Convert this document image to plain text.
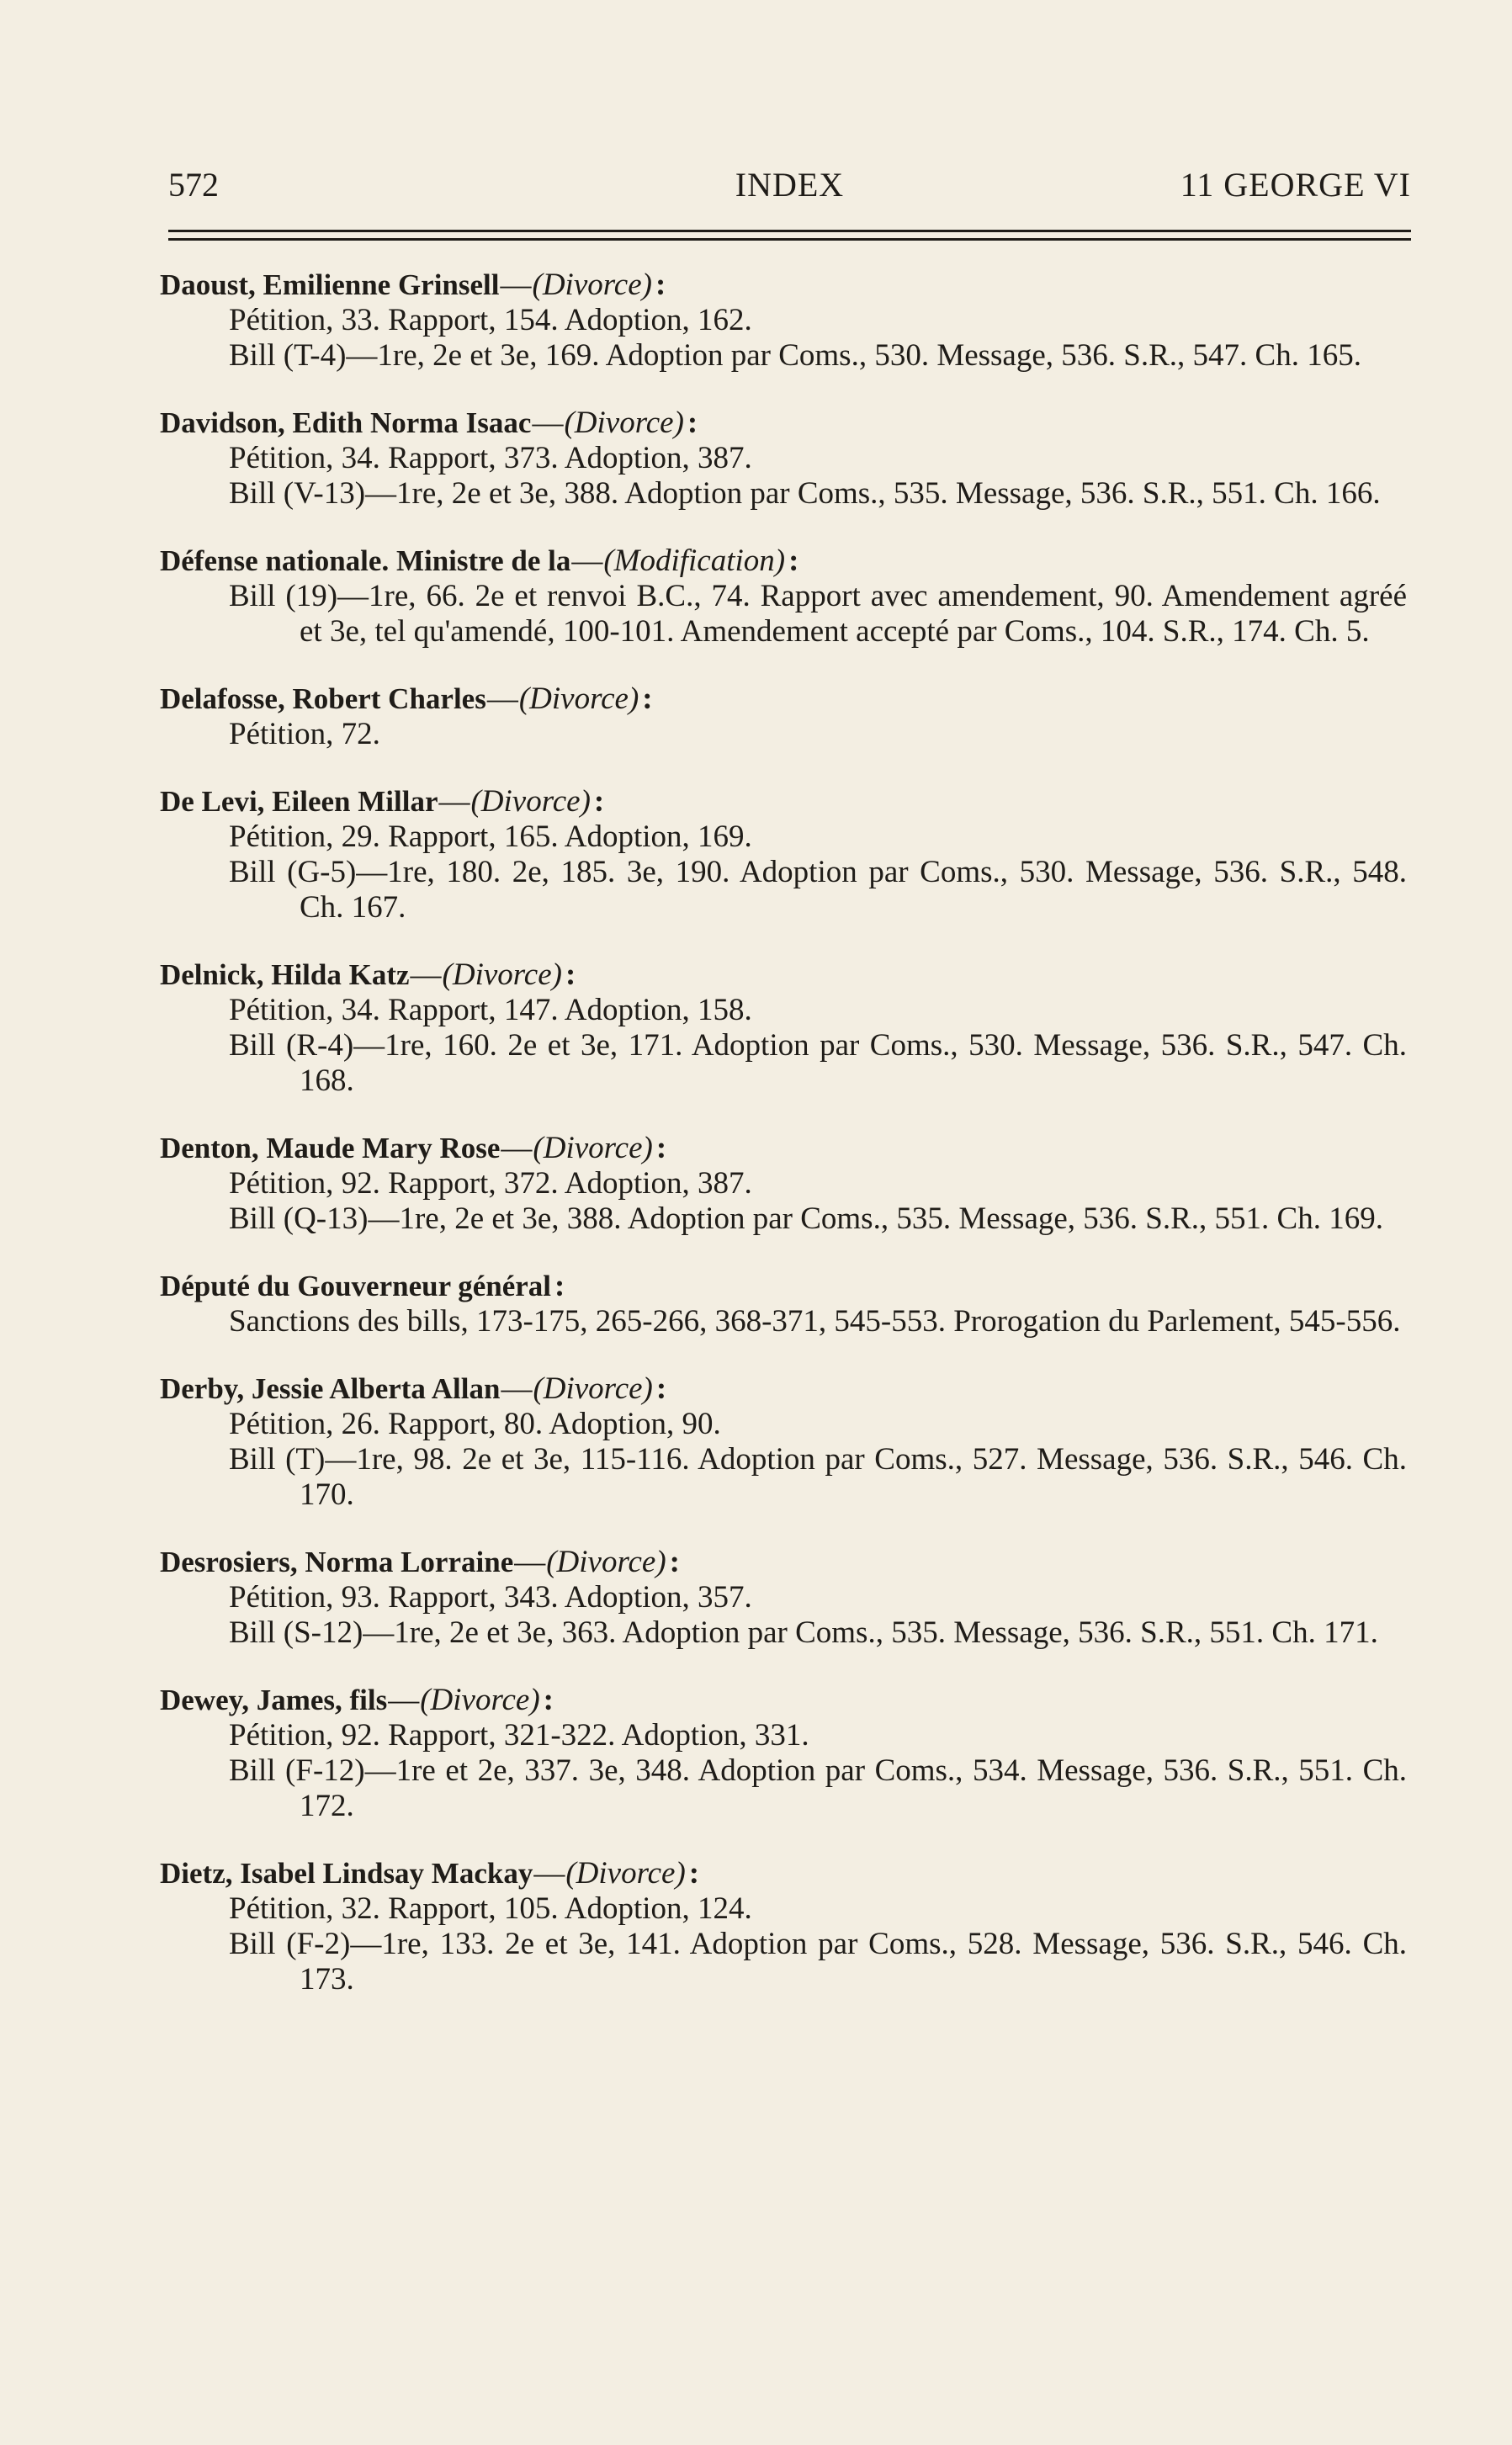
572	INDEX	11 GEORGE VI
Daoust, Emilienne Grinsell — (Divorce) :
Pétition, 33. Rapport, 154. Adoption, 162.
Bill (T-4)—1re, 2e et 3e, 169. Adoption par Coms., 530. Message, 536. S.R., 547. Ch. 165.
Davidson, Edith Norma Isaac — (Divorce) :
Pétition, 34. Rapport, 373. Adoption, 387.
Bill (V-13)—1re, 2e et 3e, 388. Adoption par Coms., 535. Message, 536. S.R., 551. Ch. 166.
Défense nationale. Ministre de la — (Modification) :
Bill (19)—1re, 66. 2e et renvoi B.C., 74. Rapport avec amendement, 90. Amendement agréé et 3e, tel qu'amendé, 100-101. Amendement accepté par Coms., 104. S.R., 174. Ch. 5.
Delafosse, Robert Charles — (Divorce) :
Pétition, 72.
De Levi, Eileen Millar — (Divorce) :
Pétition, 29. Rapport, 165. Adoption, 169.
Bill (G-5)—1re, 180. 2e, 185. 3e, 190. Adoption par Coms., 530. Message, 536. S.R., 548. Ch. 167.
Delnick, Hilda Katz — (Divorce) :
Pétition, 34. Rapport, 147. Adoption, 158.
Bill (R-4)—1re, 160. 2e et 3e, 171. Adoption par Coms., 530. Message, 536. S.R., 547. Ch. 168.
Denton, Maude Mary Rose — (Divorce) :
Pétition, 92. Rapport, 372. Adoption, 387.
Bill (Q-13)—1re, 2e et 3e, 388. Adoption par Coms., 535. Message, 536. S.R., 551. Ch. 169.
Député du Gouverneur général :
Sanctions des bills, 173-175, 265-266, 368-371, 545-553. Prorogation du Parlement, 545-556.
Derby, Jessie Alberta Allan — (Divorce) :
Pétition, 26. Rapport, 80. Adoption, 90.
Bill (T)—1re, 98. 2e et 3e, 115-116. Adoption par Coms., 527. Message, 536. S.R., 546. Ch. 170.
Desrosiers, Norma Lorraine — (Divorce) :
Pétition, 93. Rapport, 343. Adoption, 357.
Bill (S-12)—1re, 2e et 3e, 363. Adoption par Coms., 535. Message, 536. S.R., 551. Ch. 171.
Dewey, James, fils — (Divorce) :
Pétition, 92. Rapport, 321-322. Adoption, 331.
Bill (F-12)—1re et 2e, 337. 3e, 348. Adoption par Coms., 534. Message, 536. S.R., 551. Ch. 172.
Dietz, Isabel Lindsay Mackay — (Divorce) :
Pétition, 32. Rapport, 105. Adoption, 124.
Bill (F-2)—1re, 133. 2e et 3e, 141. Adoption par Coms., 528. Message, 536. S.R., 546. Ch. 173.
